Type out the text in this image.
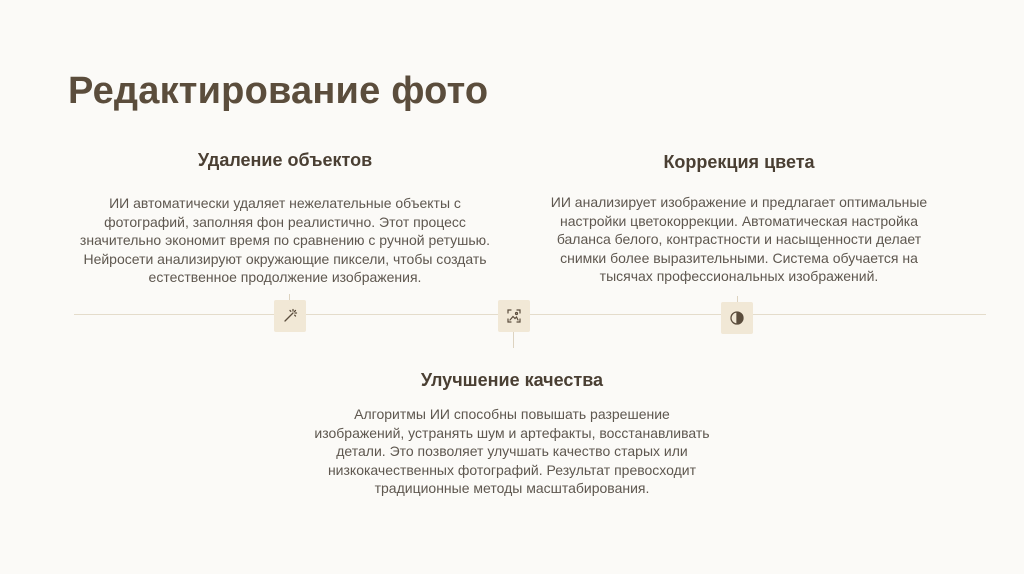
Редактирование фото
Удаление объектов

ИИ автоматически удаляет нежелательные объекты с фотографий, заполняя фон реалистично. Этот процесс значительно экономит время по сравнению с ручной ретушью. Нейросети анализируют окружающие пиксели, чтобы создать естественное продолжение изображения.

Улучшение качества

Алгоритмы ИИ способны повышать разрешение изображений, устранять шум и артефакты, восстанавливать детали. Это позволяет улучшать качество старых или низкокачественных фотографий. Результат превосходит традиционные методы масштабирования.

Коррекция цвета

ИИ анализирует изображение и предлагает оптимальные настройки цветокоррекции. Автоматическая настройка баланса белого, контрастности и насыщенности делает снимки более выразительными. Система обучается на тысячах профессиональных изображений.
